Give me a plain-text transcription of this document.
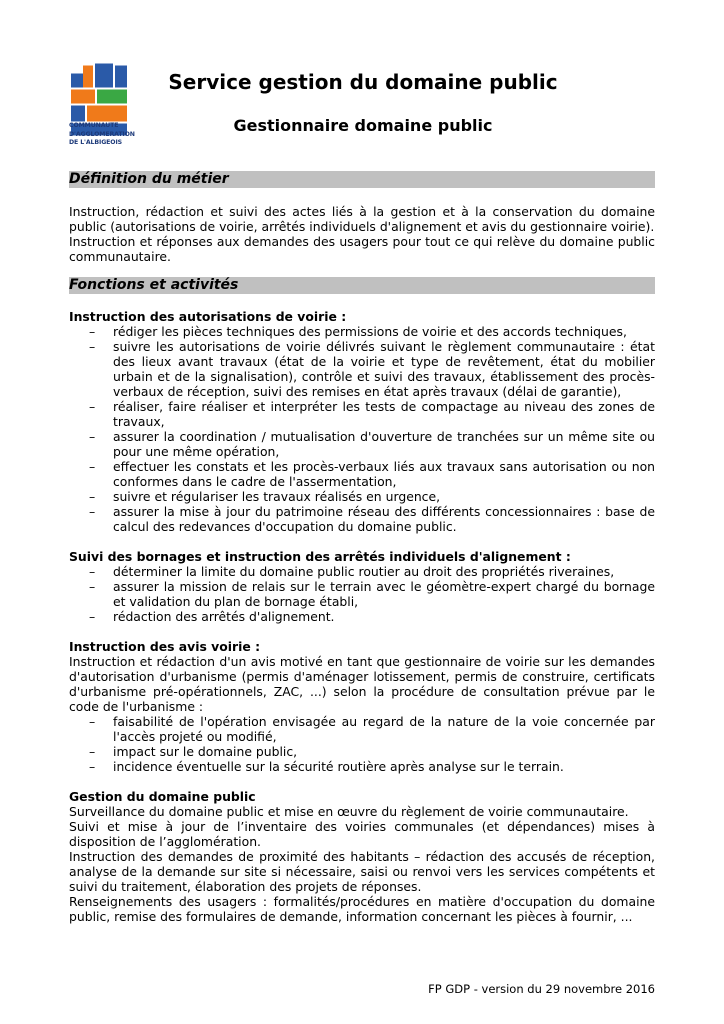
COMMUNAUTE
D'AGGLOMERATION
DE L'ALBIGEOIS
Service gestion du domaine public
Gestionnaire domaine public
Définition du métier

Instruction, rédaction et suivi des actes liés à la gestion et à la conservation du domaine public (autorisations de voirie, arrêtés individuels d'alignement et avis du gestionnaire voirie).

Instruction et réponses aux demandes des usagers pour tout ce qui relève du domaine public communautaire.

Fonctions et activités

Instruction des autorisations de voirie :

– rédiger les pièces techniques des permissions de voirie et des accords techniques,
– suivre les autorisations de voirie délivrés suivant le règlement communautaire : état des lieux avant travaux (état de la voirie et type de revêtement, état du mobilier urbain et de la signalisation), contrôle et suivi des travaux, établissement des procès-verbaux de réception, suivi des remises en état après travaux (délai de garantie),
– réaliser, faire réaliser et interpréter les tests de compactage au niveau des zones de travaux,
– assurer la coordination / mutualisation d'ouverture de tranchées sur un même site ou pour une même opération,
– effectuer les constats et les procès-verbaux liés aux travaux sans autorisation ou non conformes dans le cadre de l'assermentation,
– suivre et régulariser les travaux réalisés en urgence,
– assurer la mise à jour du patrimoine réseau des différents concessionnaires : base de calcul des redevances d'occupation du domaine public.

Suivi des bornages et instruction des arrêtés individuels d'alignement :

– déterminer la limite du domaine public routier au droit des propriétés riveraines,
– assurer la mission de relais sur le terrain avec le géomètre-expert chargé du bornage et validation du plan de bornage établi,
– rédaction des arrêtés d'alignement.

Instruction des avis voirie :

Instruction et rédaction d'un avis motivé en tant que gestionnaire de voirie sur les demandes d'autorisation d'urbanisme (permis d'aménager lotissement, permis de construire, certificats d'urbanisme pré-opérationnels, ZAC, ...) selon la procédure de consultation prévue par le code de l'urbanisme :

– faisabilité de l'opération envisagée au regard de la nature de la voie concernée par l'accès projeté ou modifié,
– impact sur le domaine public,
– incidence éventuelle sur la sécurité routière après analyse sur le terrain.

Gestion du domaine public

Surveillance du domaine public et mise en œuvre du règlement de voirie communautaire.

Suivi et mise à jour de l’inventaire des voiries communales (et dépendances) mises à disposition de l’agglomération.

Instruction des demandes de proximité des habitants – rédaction des accusés de réception, analyse de la demande sur site si nécessaire, saisi ou renvoi vers les services compétents et suivi du traitement, élaboration des projets de réponses.

Renseignements des usagers : formalités/procédures en matière d'occupation du domaine public, remise des formulaires de demande, information concernant les pièces à fournir, ...

FP GDP - version du 29 novembre 2016
